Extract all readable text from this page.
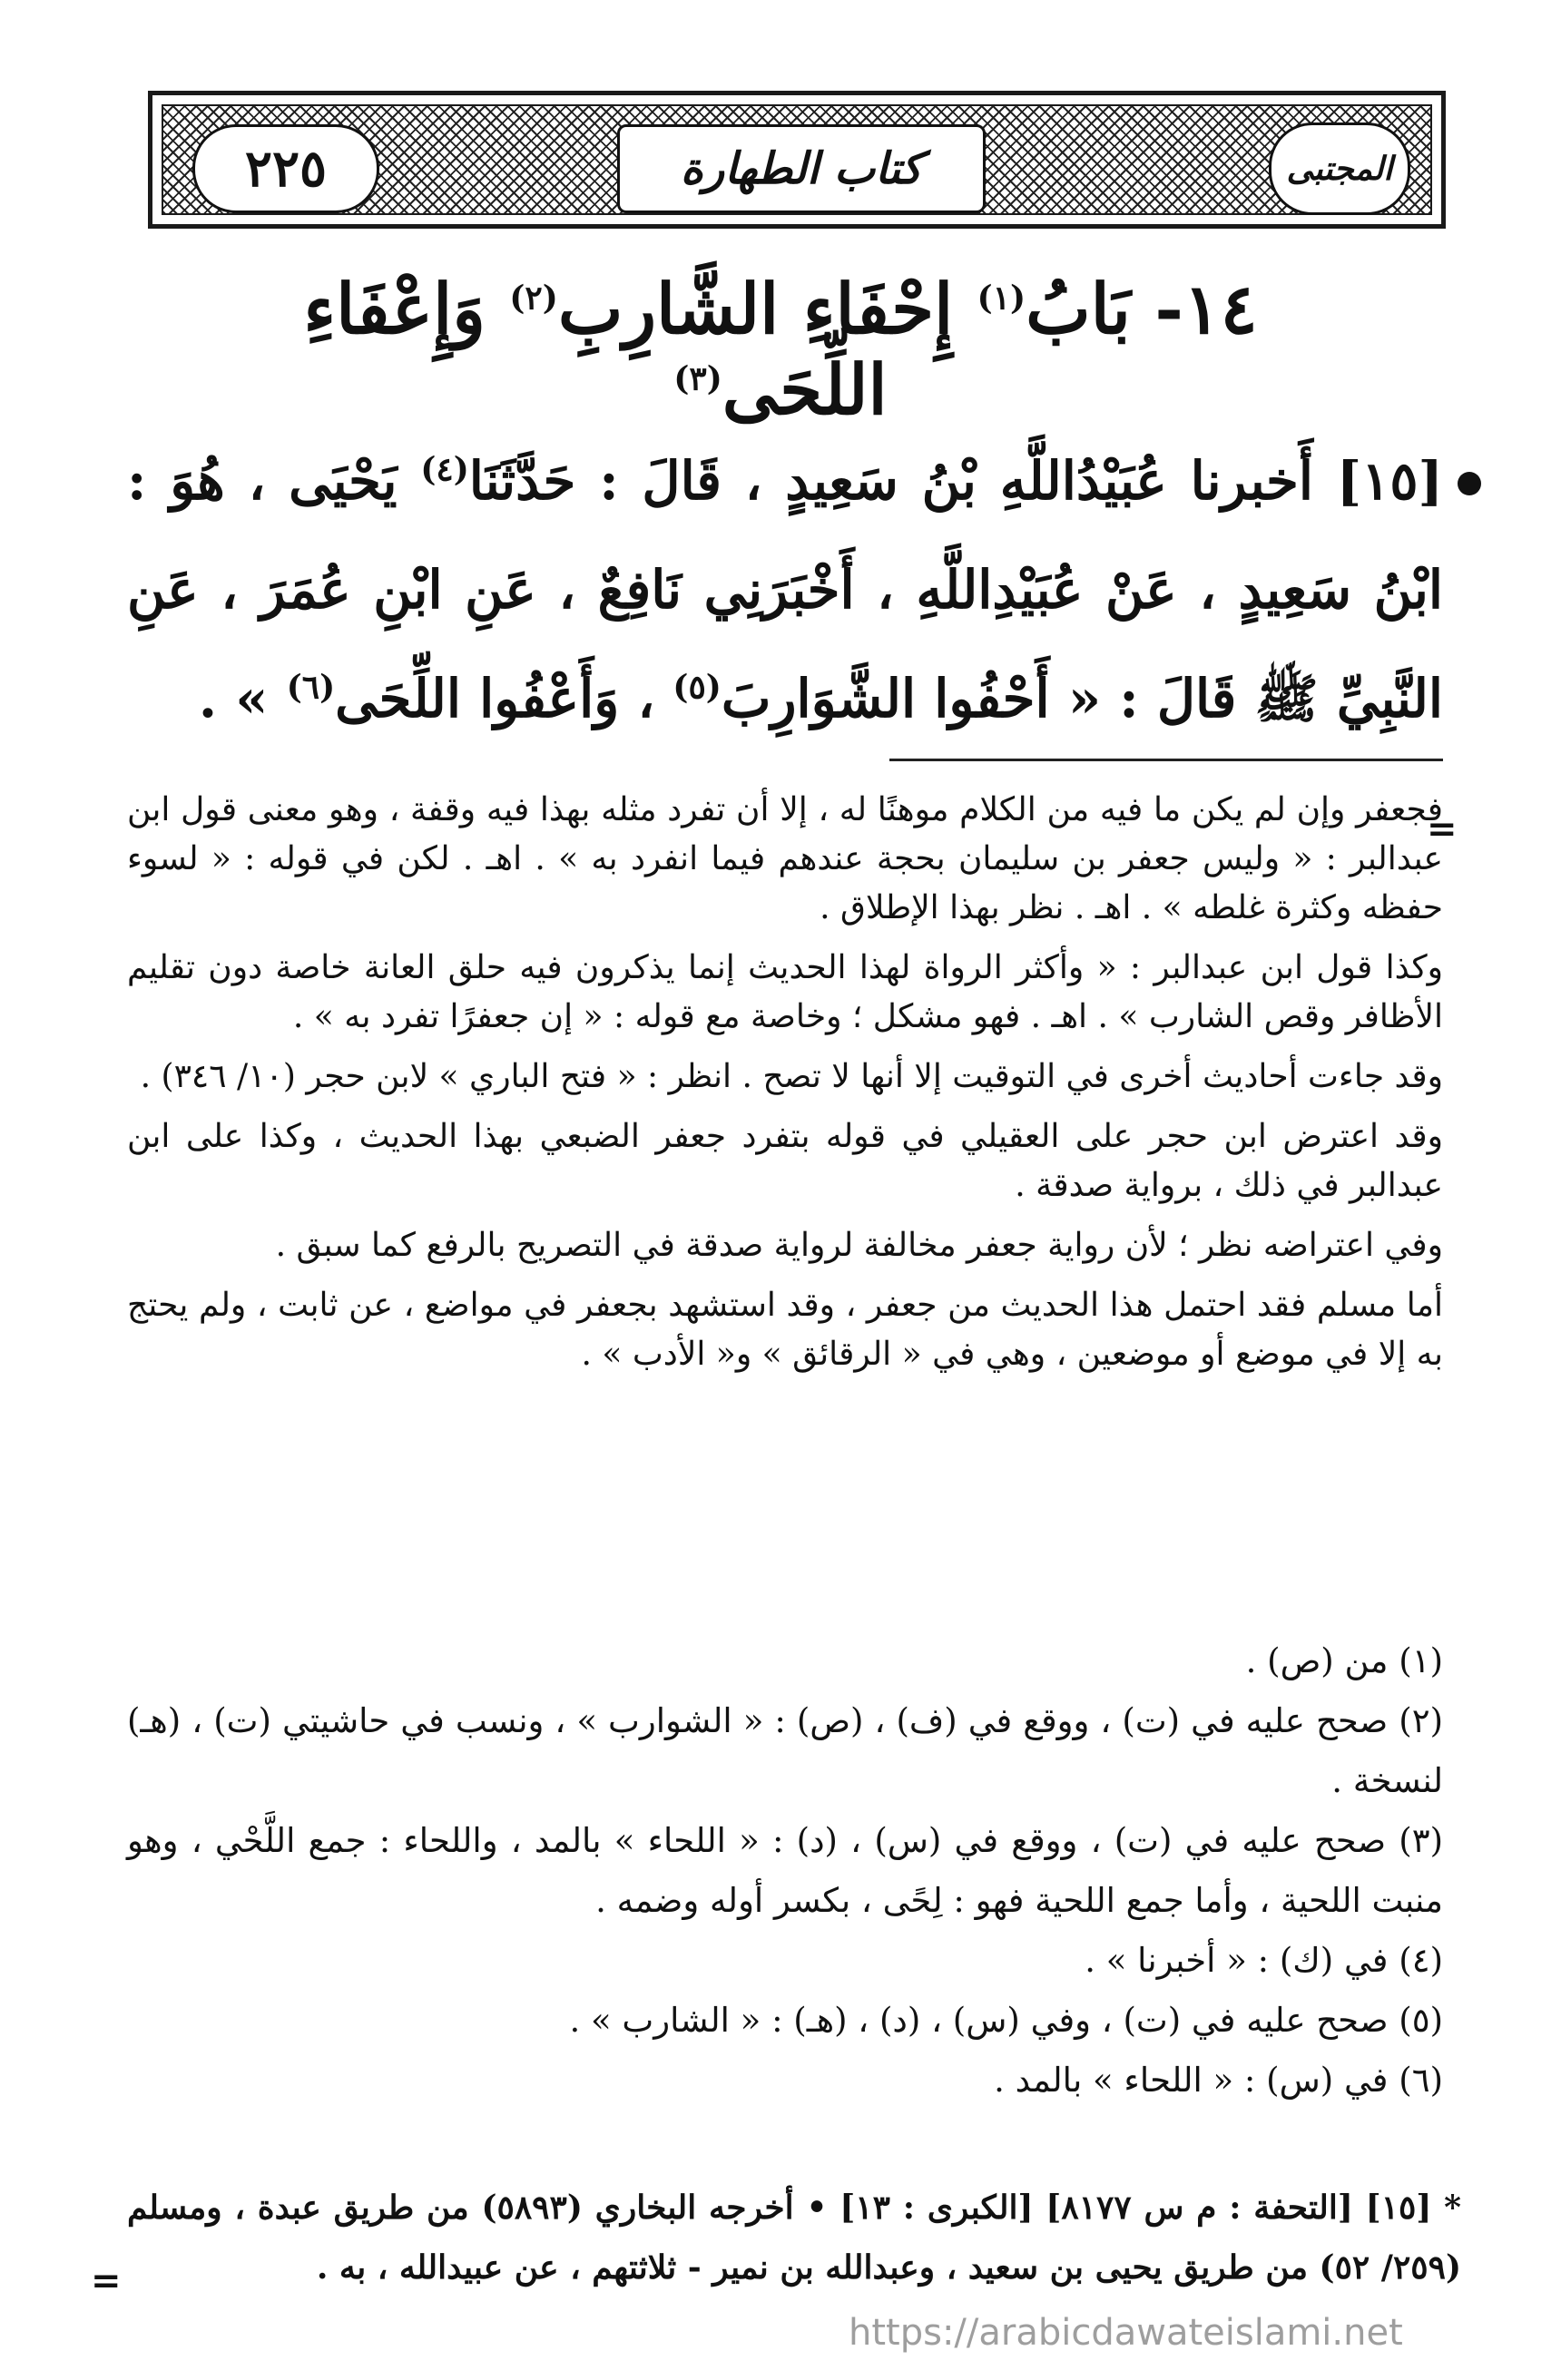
٢٢٥	كتاب الطهارة	المجتبى
١٤- بَابُ$^{(١)}$ إِحْفَاءِ الشَّارِبِ$^{(٢)}$ وَإِعْفَاءِ اللِّحَى$^{(٣)}$
[١٥] أَخبرنا عُبَيْدُاللَّهِ بْنُ سَعِيدٍ ، قَالَ : حَدَّثَنَا$^{(٤)}$ يَحْيَى ، هُوَ : ابْنُ سَعِيدٍ ، عَنْ عُبَيْدِاللَّهِ ، أَخْبَرَنِي نَافِعٌ ، عَنِ ابْنِ عُمَرَ ، عَنِ النَّبِيِّ ﷺ قَالَ : « أَحْفُوا الشَّوَارِبَ$^{(٥)}$ ، وَأَعْفُوا اللِّحَى$^{(٦)}$ » .
=

فجعفر وإن لم يكن ما فيه من الكلام موهنًا له ، إلا أن تفرد مثله بهذا فيه وقفة ، وهو معنى قول ابن عبدالبر : « وليس جعفر بن سليمان بحجة عندهم فيما انفرد به » . اهـ . لكن في قوله : « لسوء حفظه وكثرة غلطه » . اهـ . نظر بهذا الإطلاق .

وكذا قول ابن عبدالبر : « وأكثر الرواة لهذا الحديث إنما يذكرون فيه حلق العانة خاصة دون تقليم الأظافر وقص الشارب » . اهـ . فهو مشكل ؛ وخاصة مع قوله : « إن جعفرًا تفرد به » .

وقد جاءت أحاديث أخرى في التوقيت إلا أنها لا تصح . انظر : « فتح الباري » لابن حجر (١٠/ ٣٤٦) .

وقد اعترض ابن حجر على العقيلي في قوله بتفرد جعفر الضبعي بهذا الحديث ، وكذا على ابن عبدالبر في ذلك ، برواية صدقة .

وفي اعتراضه نظر ؛ لأن رواية جعفر مخالفة لرواية صدقة في التصريح بالرفع كما سبق .

أما مسلم فقد احتمل هذا الحديث من جعفر ، وقد استشهد بجعفر في مواضع ، عن ثابت ، ولم يحتج به إلا في موضع أو موضعين ، وهي في « الرقائق » و« الأدب » .

(١) من (ص) .

(٢) صحح عليه في (ت) ، ووقع في (ف) ، (ص) : « الشوارب » ، ونسب في حاشيتي (ت) ، (هـ) لنسخة .

(٣) صحح عليه في (ت) ، ووقع في (س) ، (د) : « اللحاء » بالمد ، واللحاء : جمع اللَّحْي ، وهو منبت اللحية ، وأما جمع اللحية فهو : لِحًى ، بكسر أوله وضمه .

(٤) في (ك) : « أخبرنا » .

(٥) صحح عليه في (ت) ، وفي (س) ، (د) ، (هـ) : « الشارب » .

(٦) في (س) : « اللحاء » بالمد .

* [١٥] [التحفة : م س ٨١٧٧] [الكبرى : ١٣] • أخرجه البخاري (٥٨٩٣) من طريق عبدة ، ومسلم (٢٥٩/ ٥٢) من طريق يحيى بن سعيد ، وعبدالله بن نمير - ثلاثتهم ، عن عبيدالله ، به .

=
https://arabicdawateislami.net
